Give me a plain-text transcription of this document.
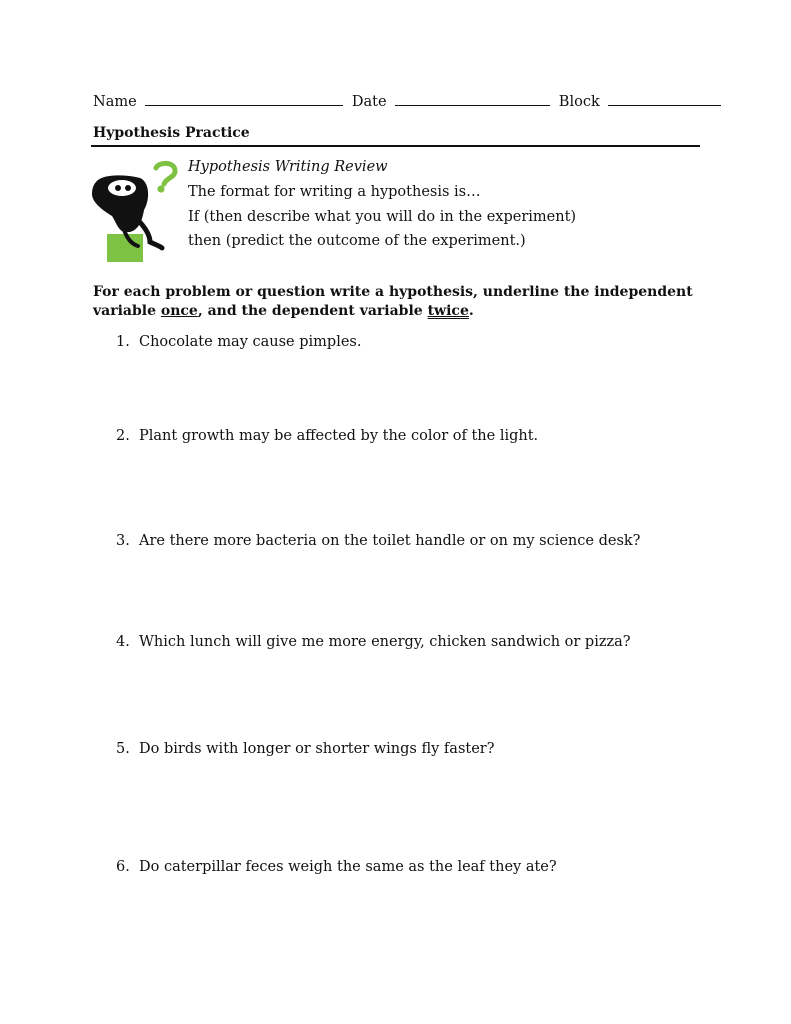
Name	Date	Block
Hypothesis Practice
Hypothesis Writing Review
The format for writing a hypothesis is…
If (then describe what you will do in the experiment)
then (predict the outcome of the experiment.)
For each problem or question write a hypothesis, underline the independent variable once, and the dependent variable twice.
1. Chocolate may cause pimples.
2. Plant growth may be affected by the color of the light.
3. Are there more bacteria on the toilet handle or on my science desk?
4. Which lunch will give me more energy, chicken sandwich or pizza?
5. Do birds with longer or shorter wings fly faster?
6. Do caterpillar feces weigh the same as the leaf they ate?
